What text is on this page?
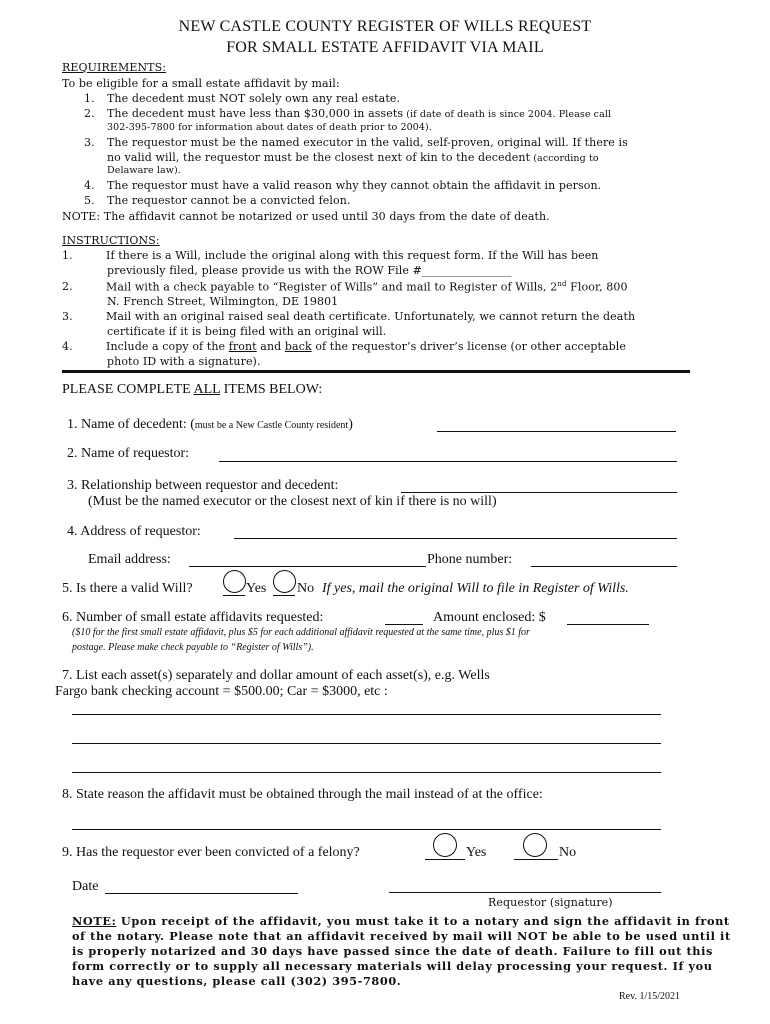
NEW CASTLE COUNTY REGISTER OF WILLS REQUEST
FOR SMALL ESTATE AFFIDAVIT VIA MAIL
REQUIREMENTS:
To be eligible for a small estate affidavit by mail:
1. The decedent must NOT solely own any real estate.
2. The decedent must have less than $30,000 in assets (if date of death is since 2004. Please call
302-395-7800 for information about dates of death prior to 2004).
3. The requestor must be the named executor in the valid, self-proven, original will. If there is
no valid will, the requestor must be the closest next of kin to the decedent (according to
Delaware law).
4. The requestor must have a valid reason why they cannot obtain the affidavit in person.
5. The requestor cannot be a convicted felon.
NOTE: The affidavit cannot be notarized or used until 30 days from the date of death.
INSTRUCTIONS:
1.	If there is a Will, include the original along with this request form. If the Will has been
previously filed, please provide us with the ROW File #________________
2.	Mail with a check payable to “Register of Wills” and mail to Register of Wills, 2nd Floor, 800
N. French Street, Wilmington, DE 19801
3.	Mail with an original raised seal death certificate. Unfortunately, we cannot return the death
certificate if it is being filed with an original will.
4.	Include a copy of the front and back of the requestor’s driver’s license (or other acceptable
photo ID with a signature).
PLEASE COMPLETE ALL ITEMS BELOW:
1. Name of decedent: (must be a New Castle County resident)
2. Name of requestor:
3. Relationship between requestor and decedent:
(Must be the named executor or the closest next of kin if there is no will)
4. Address of requestor:
Email address:	Phone number:
5. Is there a valid Will?	Yes No If yes, mail the original Will to file in Register of Wills.
6. Number of small estate affidavits requested:	Amount enclosed: $
($10 for the first small estate affidavit, plus $5 for each additional affidavit requested at the same time, plus $1 for
postage. Please make check payable to “Register of Wills”).
7. List each asset(s) separately and dollar amount of each asset(s), e.g. Wells
Fargo bank checking account = $500.00; Car = $3000, etc :
8. State reason the affidavit must be obtained through the mail instead of at the office:
9. Has the requestor ever been convicted of a felony?	Yes	No
Date
Requestor (signature)
NOTE: Upon receipt of the affidavit, you must take it to a notary and sign the affidavit in front
of the notary. Please note that an affidavit received by mail will NOT be able to be used until it
is properly notarized and 30 days have passed since the date of death. Failure to fill out this
form correctly or to supply all necessary materials will delay processing your request. If you
have any questions, please call (302) 395-7800.
Rev. 1/15/2021
